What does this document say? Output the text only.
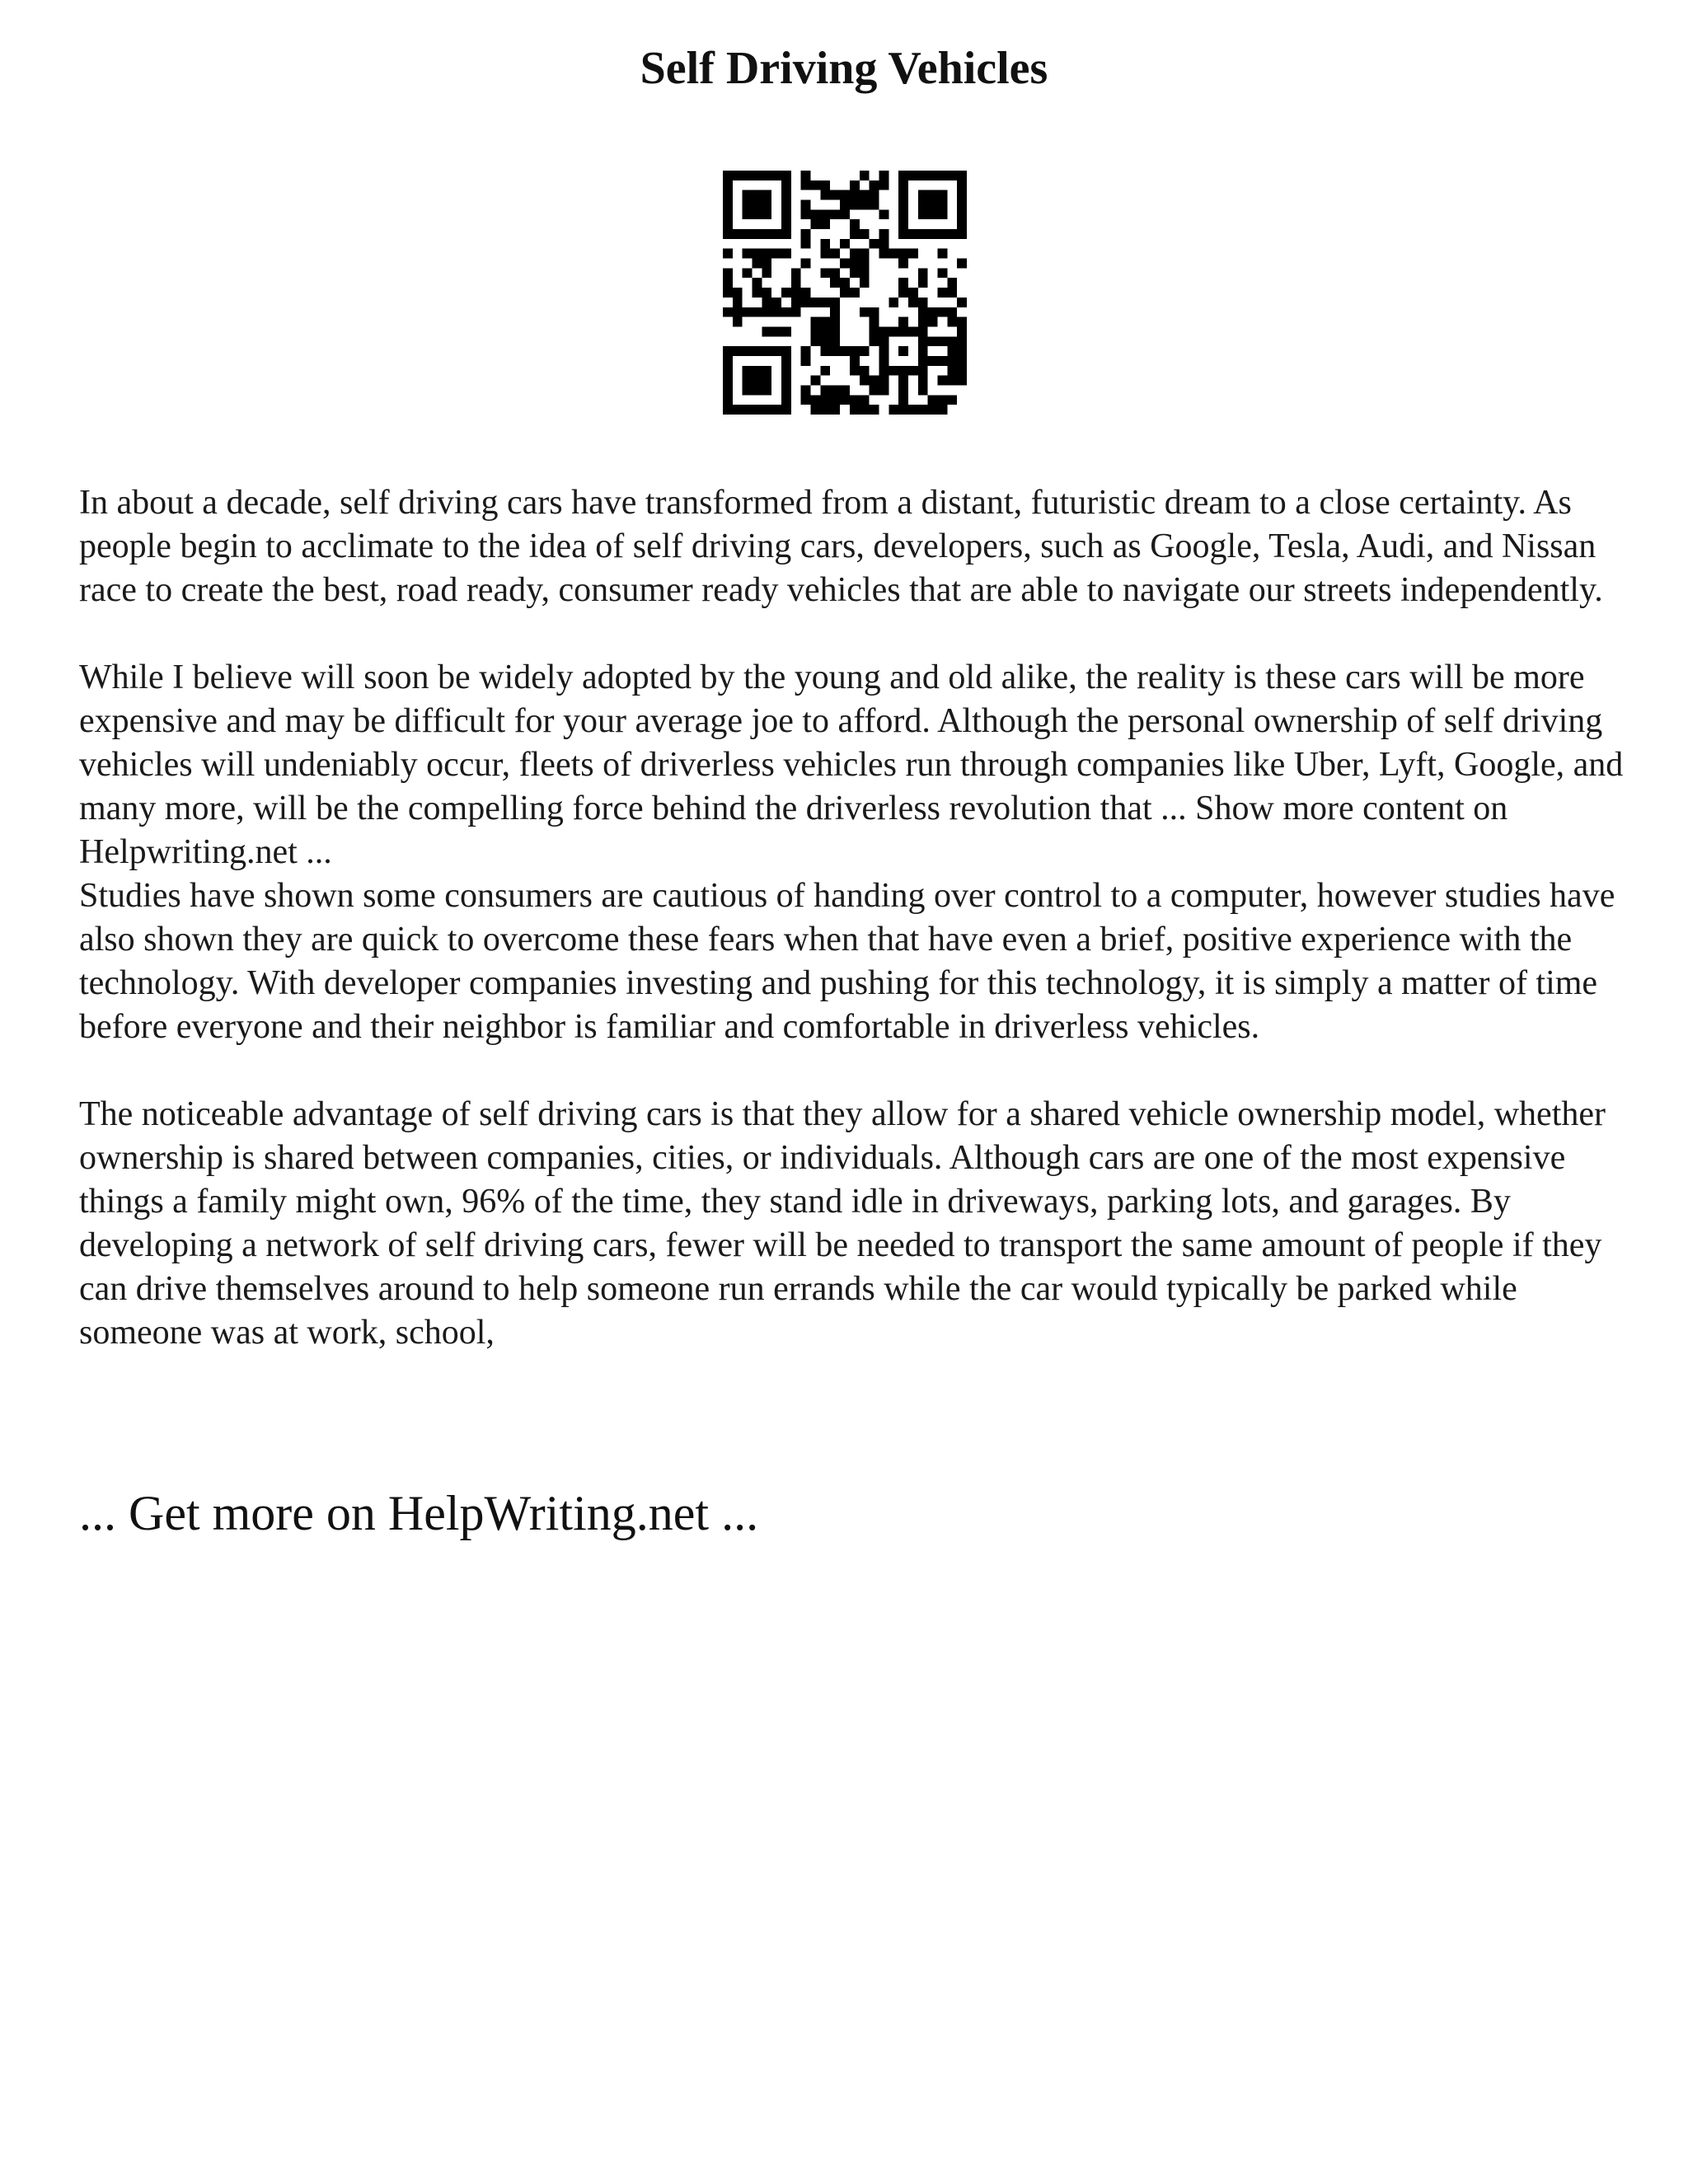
Self Driving Vehicles

In about a decade, self driving cars have transformed from a distant, futuristic dream to a close certainty. As people begin to acclimate to the idea of self driving cars, developers, such as Google, Tesla, Audi, and Nissan race to create the best, road ready, consumer ready vehicles that are able to navigate our streets independently.

While I believe will soon be widely adopted by the young and old alike, the reality is these cars will be more expensive and may be difficult for your average joe to afford. Although the personal ownership of self driving vehicles will undeniably occur, fleets of driverless vehicles run through companies like Uber, Lyft, Google, and many more, will be the compelling force behind the driverless revolution that ... Show more content on Helpwriting.net ...

Studies have shown some consumers are cautious of handing over control to a computer, however studies have also shown they are quick to overcome these fears when that have even a brief, positive experience with the technology. With developer companies investing and pushing for this technology, it is simply a matter of time before everyone and their neighbor is familiar and comfortable in driverless vehicles.

The noticeable advantage of self driving cars is that they allow for a shared vehicle ownership model, whether ownership is shared between companies, cities, or individuals. Although cars are one of the most expensive things a family might own, 96% of the time, they stand idle in driveways, parking lots, and garages. By developing a network of self driving cars, fewer will be needed to transport the same amount of people if they can drive themselves around to help someone run errands while the car would typically be parked while someone was at work, school,

... Get more on HelpWriting.net ...
